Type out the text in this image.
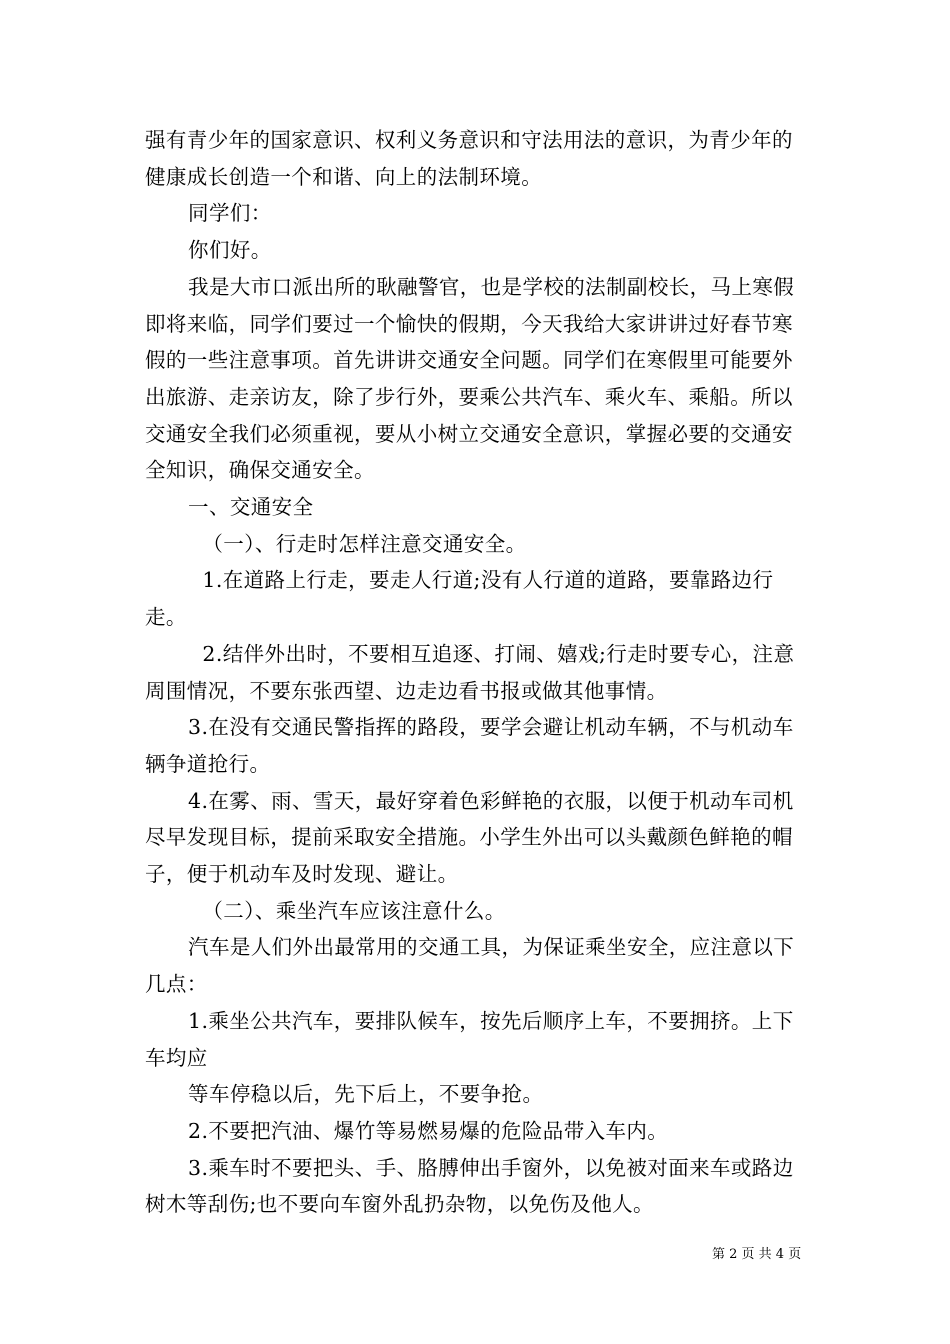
强有青少年的国家意识、权利义务意识和守法用法的意识，为青少年的健康成长创造一个和谐、向上的法制环境。

同学们：

你们好。

我是大市口派出所的耿融警官，也是学校的法制副校长，马上寒假即将来临，同学们要过一个愉快的假期，今天我给大家讲讲过好春节寒假的一些注意事项。首先讲讲交通安全问题。同学们在寒假里可能要外出旅游、走亲访友，除了步行外，要乘公共汽车、乘火车、乘船。所以交通安全我们必须重视，要从小树立交通安全意识，掌握必要的交通安全知识，确保交通安全。

一、交通安全

（一）、行走时怎样注意交通安全。

1.在道路上行走，要走人行道;没有人行道的道路，要靠路边行走。

2.结伴外出时，不要相互追逐、打闹、嬉戏;行走时要专心，注意周围情况，不要东张西望、边走边看书报或做其他事情。

3.在没有交通民警指挥的路段，要学会避让机动车辆，不与机动车辆争道抢行。

4.在雾、雨、雪天，最好穿着色彩鲜艳的衣服，以便于机动车司机尽早发现目标，提前采取安全措施。小学生外出可以头戴颜色鲜艳的帽子，便于机动车及时发现、避让。

（二）、乘坐汽车应该注意什么。

汽车是人们外出最常用的交通工具，为保证乘坐安全，应注意以下几点：

1.乘坐公共汽车，要排队候车，按先后顺序上车，不要拥挤。上下车均应

等车停稳以后，先下后上，不要争抢。

2.不要把汽油、爆竹等易燃易爆的危险品带入车内。

3.乘车时不要把头、手、胳膊伸出手窗外，以免被对面来车或路边树木等刮伤;也不要向车窗外乱扔杂物，以免伤及他人。

第 2 页 共 4 页
